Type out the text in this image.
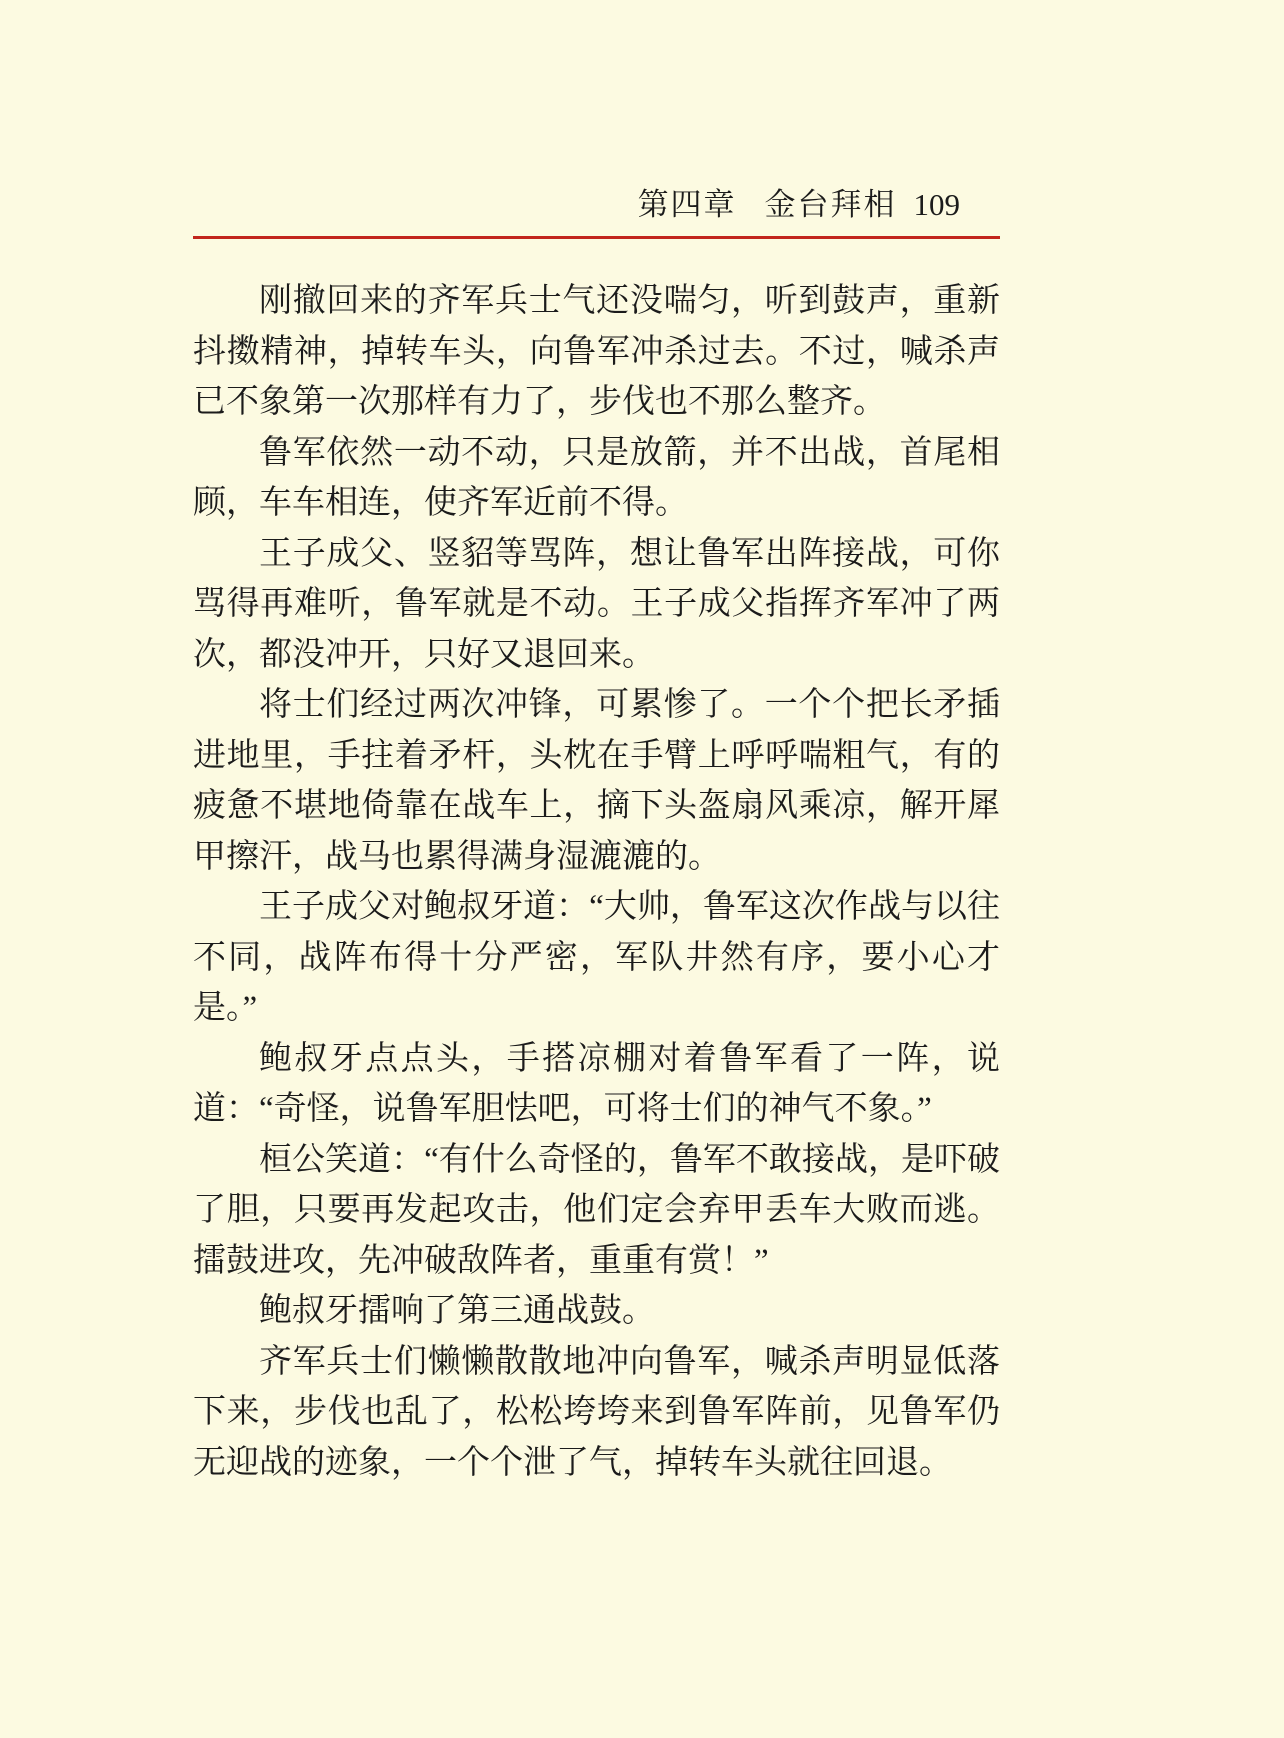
第四章 金台拜相 109

刚撤回来的齐军兵士气还没喘匀，听到鼓声，重新抖擞精神，掉转车头，向鲁军冲杀过去。不过，喊杀声已不象第一次那样有力了，步伐也不那么整齐。

鲁军依然一动不动，只是放箭，并不出战，首尾相顾，车车相连，使齐军近前不得。

王子成父、竖貂等骂阵，想让鲁军出阵接战，可你骂得再难听，鲁军就是不动。王子成父指挥齐军冲了两次，都没冲开，只好又退回来。

将士们经过两次冲锋，可累惨了。一个个把长矛插进地里，手拄着矛杆，头枕在手臂上呼呼喘粗气，有的疲惫不堪地倚靠在战车上，摘下头盔扇风乘凉，解开犀甲擦汗，战马也累得满身湿漉漉的。

王子成父对鲍叔牙道：“大帅，鲁军这次作战与以往不同，战阵布得十分严密，军队井然有序，要小心才是。”

鲍叔牙点点头，手搭凉棚对着鲁军看了一阵，说道：“奇怪，说鲁军胆怯吧，可将士们的神气不象。”

桓公笑道：“有什么奇怪的，鲁军不敢接战，是吓破了胆，只要再发起攻击，他们定会弃甲丢车大败而逃。擂鼓进攻，先冲破敌阵者，重重有赏！”

鲍叔牙擂响了第三通战鼓。

齐军兵士们懒懒散散地冲向鲁军，喊杀声明显低落下来，步伐也乱了，松松垮垮来到鲁军阵前，见鲁军仍无迎战的迹象，一个个泄了气，掉转车头就往回退。
